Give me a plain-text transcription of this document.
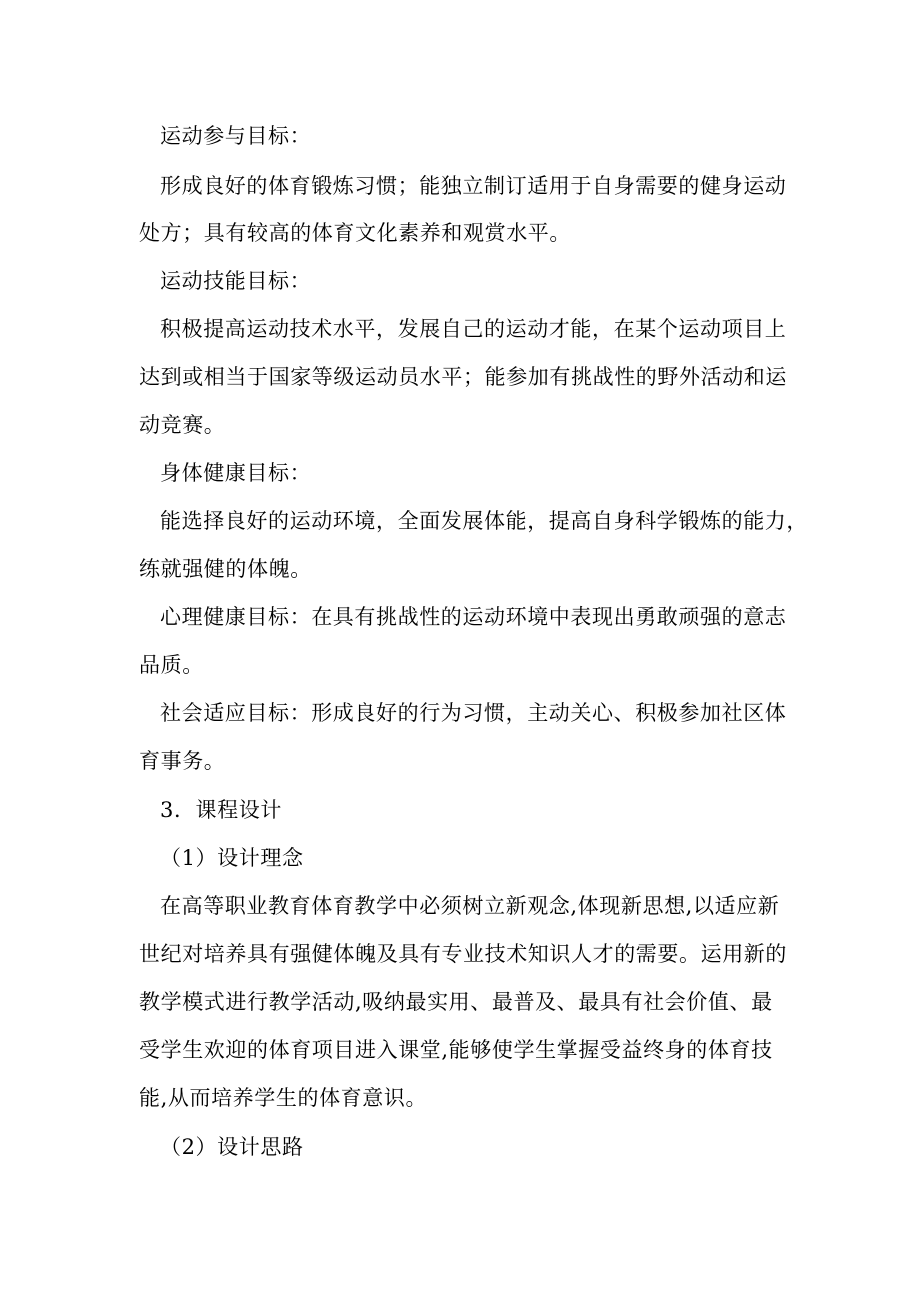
运动参与目标：

形成良好的体育锻炼习惯；能独立制订适用于自身需要的健身运动

处方；具有较高的体育文化素养和观赏水平。

运动技能目标：

积极提高运动技术水平，发展自己的运动才能，在某个运动项目上

达到或相当于国家等级运动员水平；能参加有挑战性的野外活动和运

动竞赛。

身体健康目标：

能选择良好的运动环境，全面发展体能，提高自身科学锻炼的能力，

练就强健的体魄。

心理健康目标：在具有挑战性的运动环境中表现出勇敢顽强的意志

品质。

社会适应目标：形成良好的行为习惯，主动关心、积极参加社区体

育事务。

3．课程设计

（1）设计理念

在高等职业教育体育教学中必须树立新观念,体现新思想,以适应新

世纪对培养具有强健体魄及具有专业技术知识人才的需要。运用新的

教学模式进行教学活动,吸纳最实用、最普及、最具有社会价值、最

受学生欢迎的体育项目进入课堂,能够使学生掌握受益终身的体育技

能,从而培养学生的体育意识。

（2）设计思路
